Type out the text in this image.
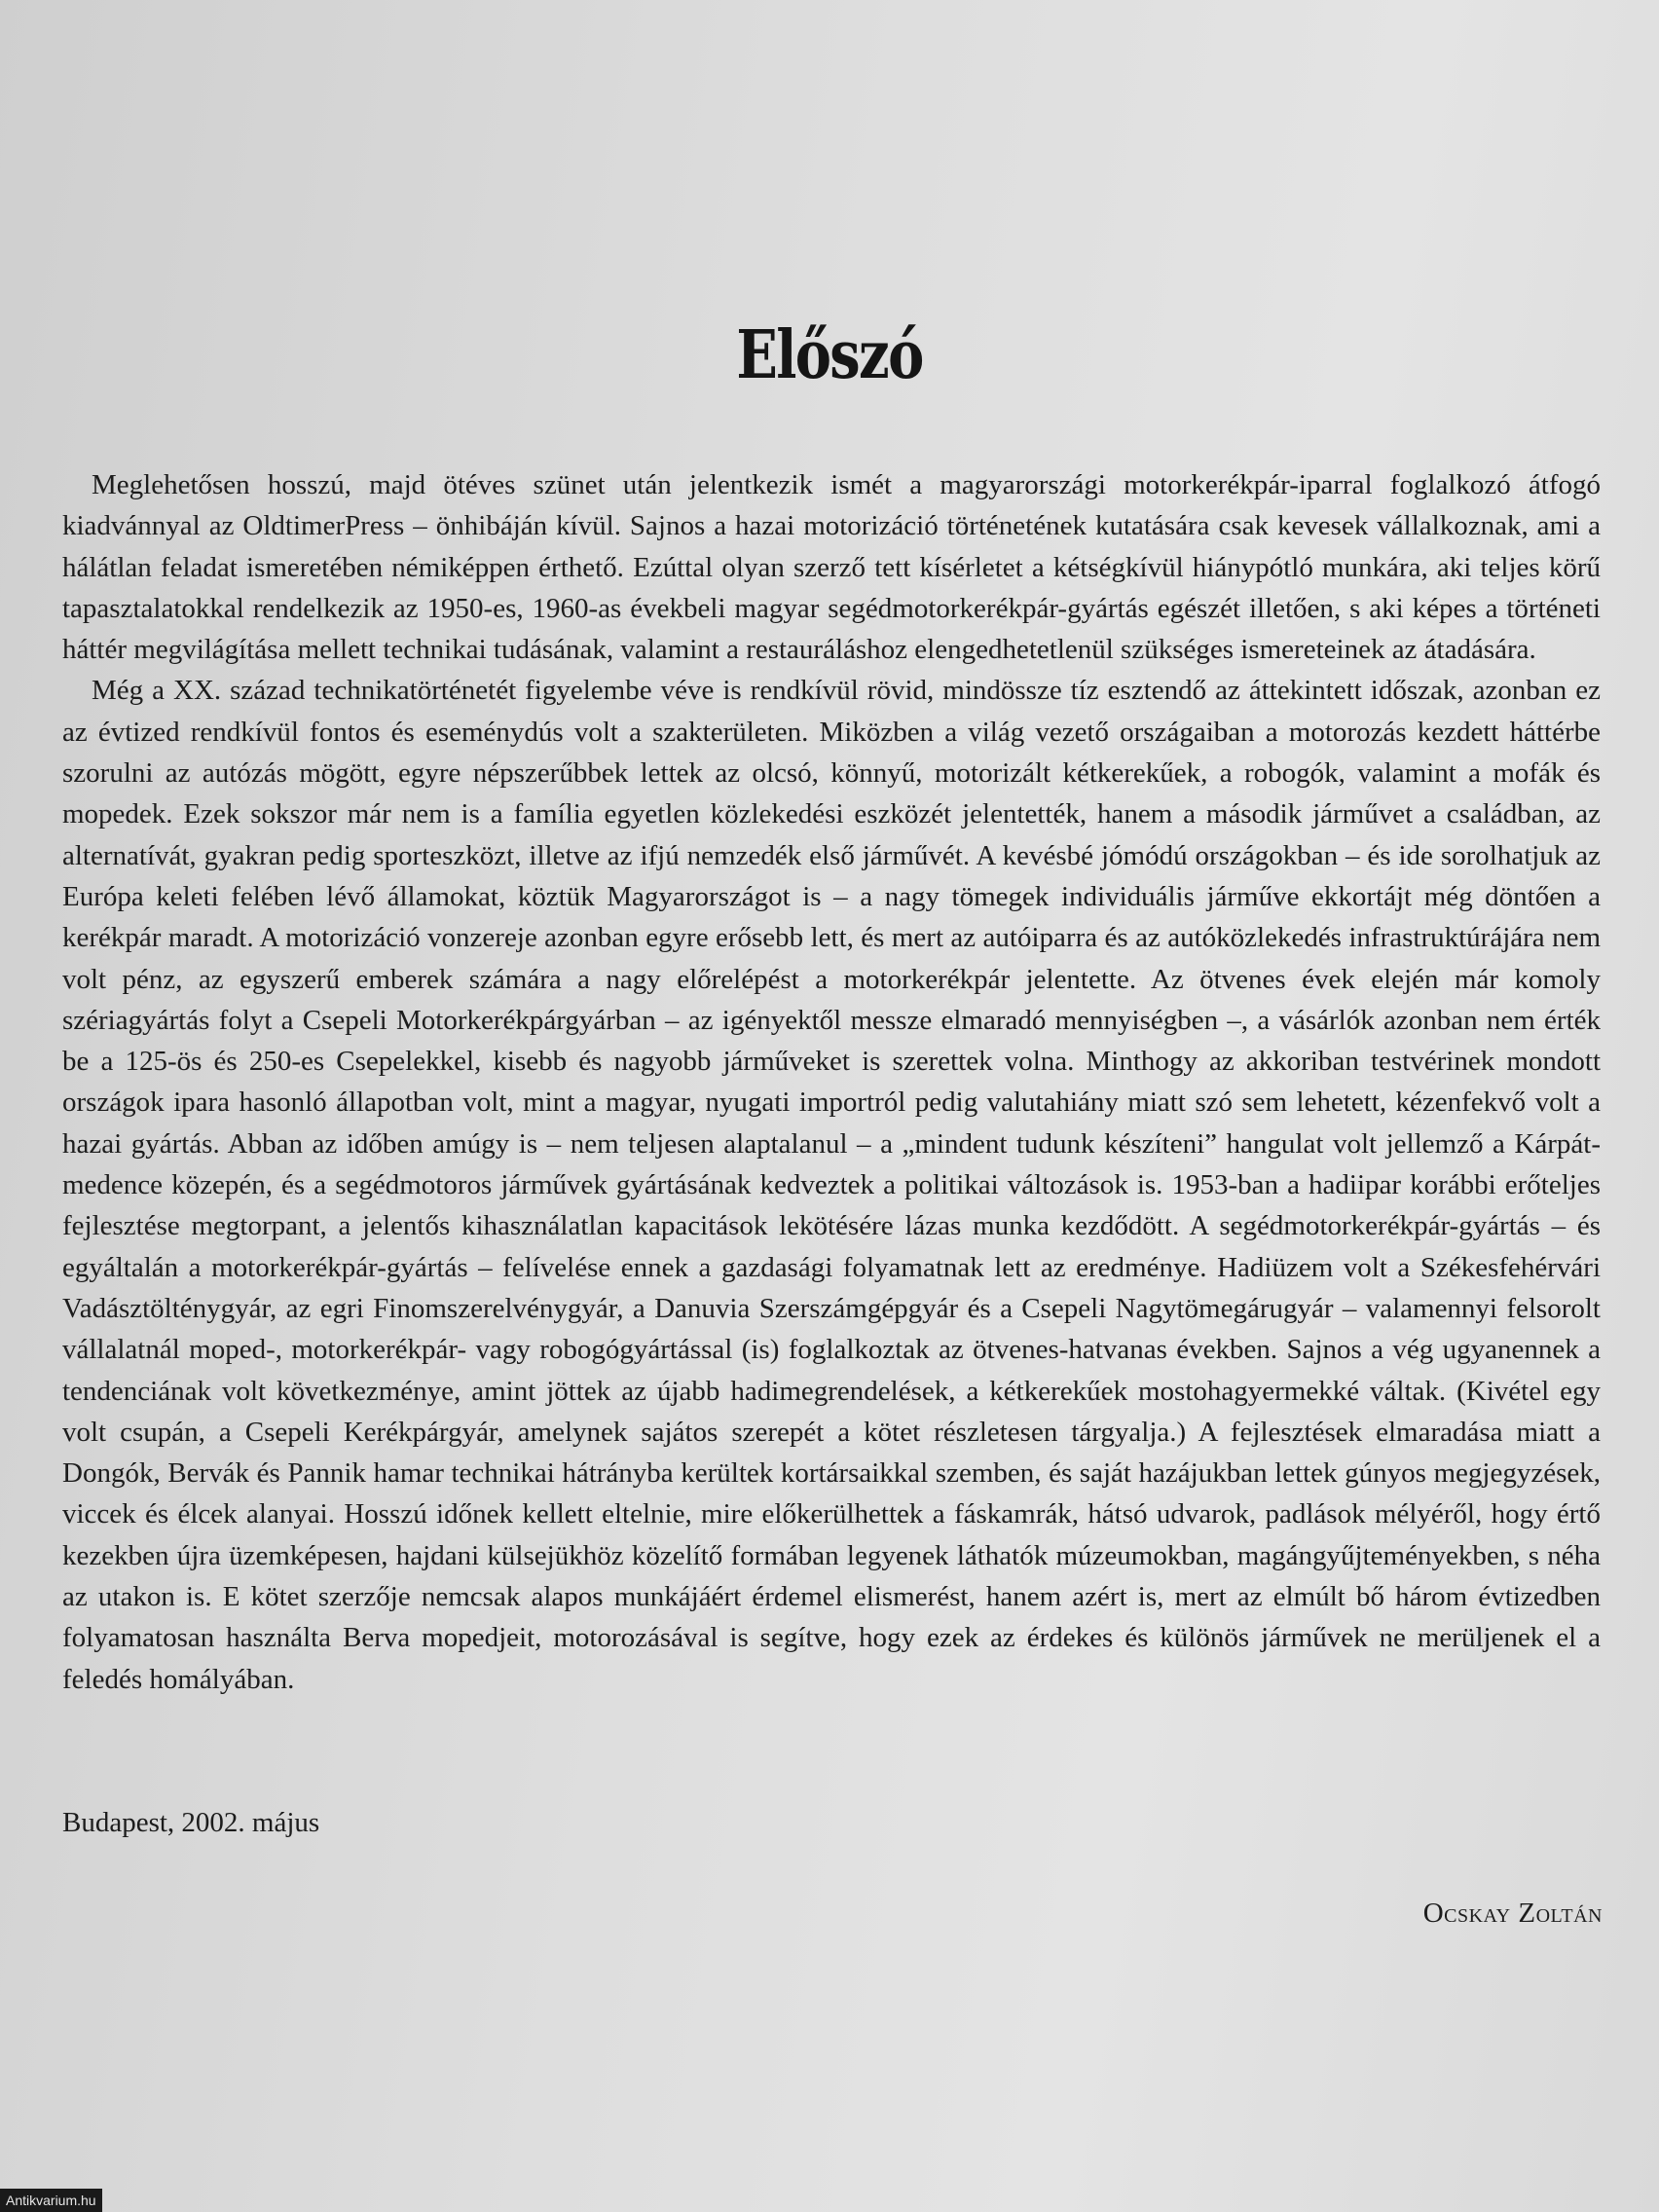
Előszó

Meglehetősen hosszú, majd ötéves szünet után jelentkezik ismét a magyarországi motorkerékpár-iparral foglalkozó átfogó kiadvánnyal az OldtimerPress – önhibáján kívül. Sajnos a hazai motorizáció történetének kutatására csak kevesek vállalkoznak, ami a hálátlan feladat ismeretében némiképpen érthető. Ezúttal olyan szerző tett kísérletet a kétségkívül hiánypótló munkára, aki teljes körű tapasztalatokkal rendelkezik az 1950-es, 1960-as évekbeli magyar segédmotorkerékpár-gyártás egészét illetően, s aki képes a történeti háttér megvilágítása mellett technikai tudásának, valamint a restauráláshoz elengedhetetlenül szükséges ismereteinek az átadására.

Még a XX. század technikatörténetét figyelembe véve is rendkívül rövid, mindössze tíz esztendő az áttekintett időszak, azonban ez az évtized rendkívül fontos és eseménydús volt a szakterületen. Miközben a világ vezető országaiban a motorozás kezdett háttérbe szorulni az autózás mögött, egyre népszerűbbek lettek az olcsó, könnyű, motorizált kétkerekűek, a robogók, valamint a mofák és mopedek. Ezek sokszor már nem is a família egyetlen közlekedési eszközét jelentették, hanem a második járművet a családban, az alternatívát, gyakran pedig sporteszközt, illetve az ifjú nemzedék első járművét. A kevésbé jómódú országokban – és ide sorolhatjuk az Európa keleti felében lévő államokat, köztük Magyarországot is – a nagy tömegek individuális járműve ekkortájt még döntően a kerékpár maradt. A motorizáció vonzereje azonban egyre erősebb lett, és mert az autóiparra és az autóközlekedés infrastruktúrájára nem volt pénz, az egyszerű emberek számára a nagy előrelépést a motorkerékpár jelentette. Az ötvenes évek elején már komoly szériagyártás folyt a Csepeli Motorkerékpárgyárban – az igényektől messze elmaradó mennyiségben –, a vásárlók azonban nem érték be a 125-ös és 250-es Csepelekkel, kisebb és nagyobb járműveket is szerettek volna. Minthogy az akkoriban testvérinek mondott országok ipara hasonló állapotban volt, mint a magyar, nyugati importról pedig valutahiány miatt szó sem lehetett, kézenfekvő volt a hazai gyártás. Abban az időben amúgy is – nem teljesen alaptalanul – a „mindent tudunk készíteni” hangulat volt jellemző a Kárpát-medence közepén, és a segédmotoros járművek gyártásának kedveztek a politikai változások is. 1953-ban a hadiipar korábbi erőteljes fejlesztése megtorpant, a jelentős kihasználatlan kapacitások lekötésére lázas munka kezdődött. A segédmotorkerékpár-gyártás – és egyáltalán a motorkerékpár-gyártás – felívelése ennek a gazdasági folyamatnak lett az eredménye. Hadiüzem volt a Székesfehérvári Vadásztölténygyár, az egri Finomszerelvénygyár, a Danuvia Szerszámgépgyár és a Csepeli Nagytömegárugyár – valamennyi felsorolt vállalatnál moped-, motorkerékpár- vagy robogógyártással (is) foglalkoztak az ötvenes-hatvanas években. Sajnos a vég ugyanennek a tendenciának volt következménye, amint jöttek az újabb hadimegrendelések, a kétkerekűek mostohagyermekké váltak. (Kivétel egy volt csupán, a Csepeli Kerékpárgyár, amelynek sajátos szerepét a kötet részletesen tárgyalja.) A fejlesztések elmaradása miatt a Dongók, Bervák és Pannik hamar technikai hátrányba kerültek kortársaikkal szemben, és saját hazájukban lettek gúnyos megjegyzések, viccek és élcek alanyai. Hosszú időnek kellett eltelnie, mire előkerülhettek a fáskamrák, hátsó udvarok, padlások mélyéről, hogy értő kezekben újra üzemképesen, hajdani külsejükhöz közelítő formában legyenek láthatók múzeumokban, magángyűjteményekben, s néha az utakon is. E kötet szerzője nemcsak alapos munkájáért érdemel elismerést, hanem azért is, mert az elmúlt bő három évtizedben folyamatosan használta Berva mopedjeit, motorozásával is segítve, hogy ezek az érdekes és különös járművek ne merüljenek el a feledés homályában.

Budapest, 2002. május
Ocskay Zoltán
Antikvarium.hu
